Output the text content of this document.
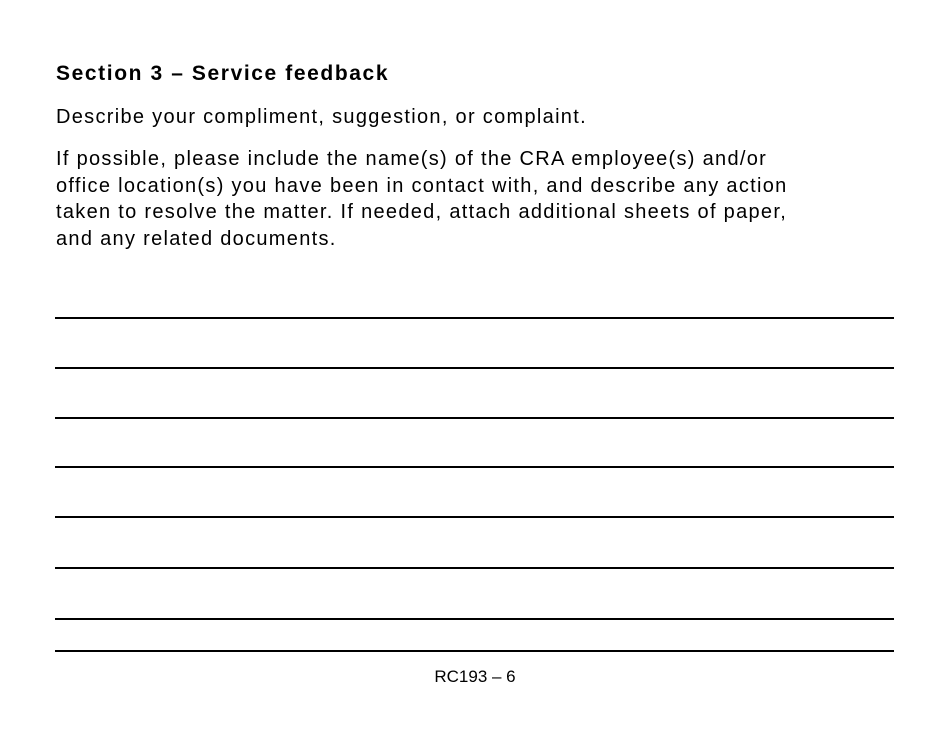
Section 3 – Service feedback

Describe your compliment, suggestion, or complaint.

If possible, please include the name(s) of the CRA employee(s) and/or
office location(s) you have been in contact with, and describe any action
taken to resolve the matter. If needed, attach additional sheets of paper,
and any related documents.

RC193 – 6
